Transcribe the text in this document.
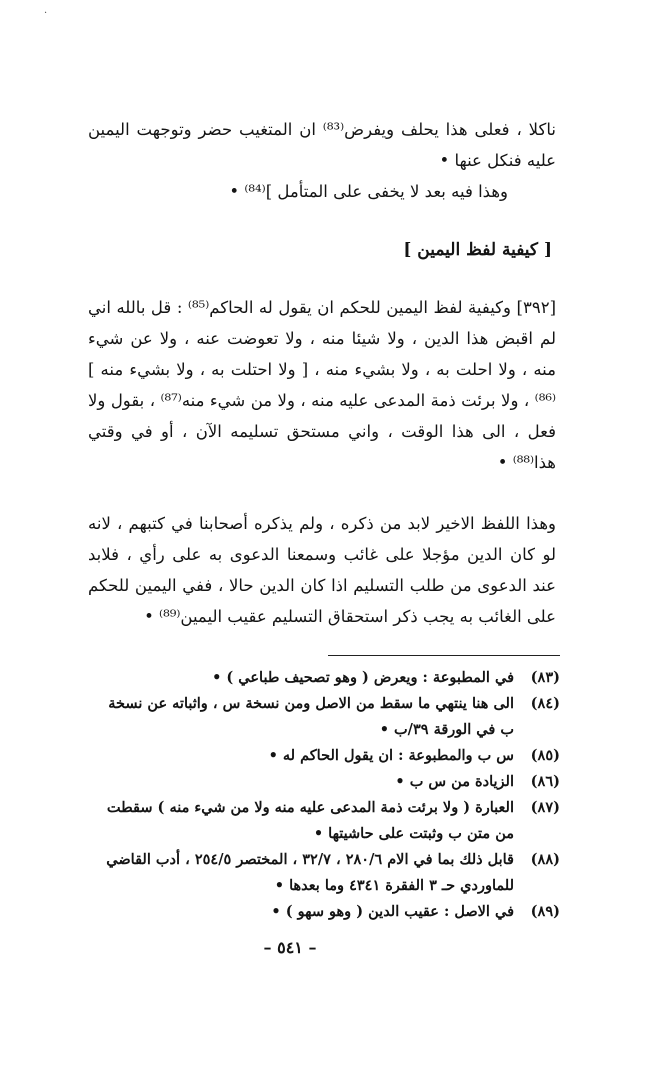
·

ناكلا ، فعلى هذا يحلف ويفرض⁽⁸³⁾ ان المتغيب حضر وتوجهت اليمين عليه فنكل عنها •

وهذا فيه بعد لا يخفى على المتأمل ]⁽⁸⁴⁾ •

[ كيفية لفظ اليمين ]

[٣٩٢] وكيفية لفظ اليمين للحكم ان يقول له الحاكم⁽⁸⁵⁾ : قل بالله اني لم اقبض هذا الدين ، ولا شيئا منه ، ولا تعوضت عنه ، ولا عن شيء منه ، ولا احلت به ، ولا بشيء منه ، [ ولا احتلت به ، ولا بشيء منه ]⁽⁸⁶⁾ ، ولا برئت ذمة المدعى عليه منه ، ولا من شيء منه⁽⁸⁷⁾ ، بقول ولا فعل ، الى هذا الوقت ، واني مستحق تسليمه الآن ، أو في وقتي هذا⁽⁸⁸⁾ •

وهذا اللفظ الاخير لابد من ذكره ، ولم يذكره أصحابنا في كتبهم ، لانه لو كان الدين مؤجلا على غائب وسمعنا الدعوى به على رأي ، فلابد عند الدعوى من طلب التسليم اذا كان الدين حالا ، ففي اليمين للحكم على الغائب به يجب ذكر استحقاق التسليم عقيب اليمين⁽⁸⁹⁾ •

(٨٣)
في المطبوعة : ويعرض ( وهو تصحيف طباعي ) •
(٨٤)
الى هنا ينتهي ما سقط من الاصل ومن نسخة س ، واثباته عن نسخة ب في الورقة ٣٩/ب •
(٨٥)
س ب والمطبوعة : ان يقول الحاكم له •
(٨٦)
الزيادة من س ب •
(٨٧)
العبارة ( ولا برئت ذمة المدعى عليه منه ولا من شيء منه ) سقطت من متن ب وثبتت على حاشيتها •
(٨٨)
قابل ذلك بما في الام ٢٨٠/٦ ، ٣٢/٧ ، المختصر ٢٥٤/٥ ، أدب القاضي للماوردي حـ ٣ الفقرة ٤٣٤١ وما بعدها •
(٨٩)
في الاصل : عقيب الدين ( وهو سهو ) •
– ٥٤١ –
